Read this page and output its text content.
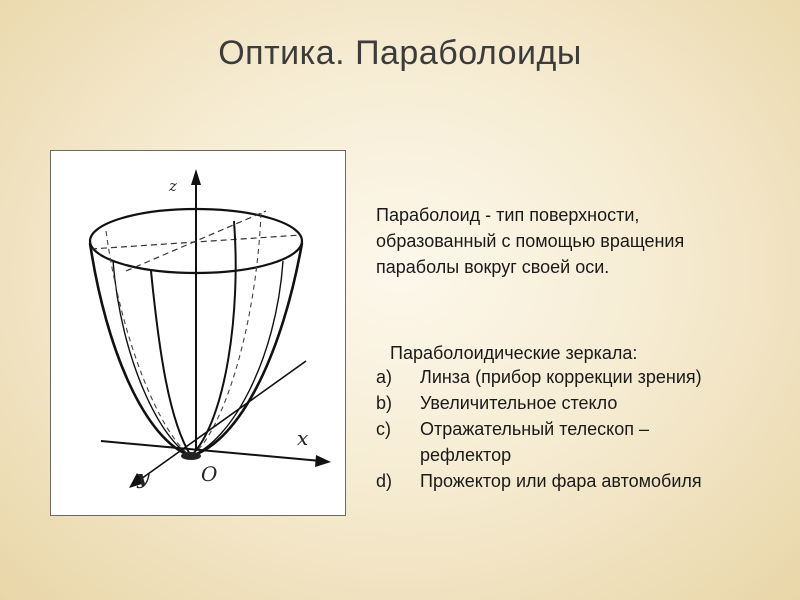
Оптика. Параболоиды
z
x
y	O
Параболоид - тип поверхности,
образованный с помощью вращения
параболы вокруг своей оси.
Параболоидические зеркала:
a)	Линза (прибор коррекции зрения)
b)	Увеличительное стекло
c)	Отражательный телескоп –
рефлектор
d)	Прожектор или фара автомобиля
